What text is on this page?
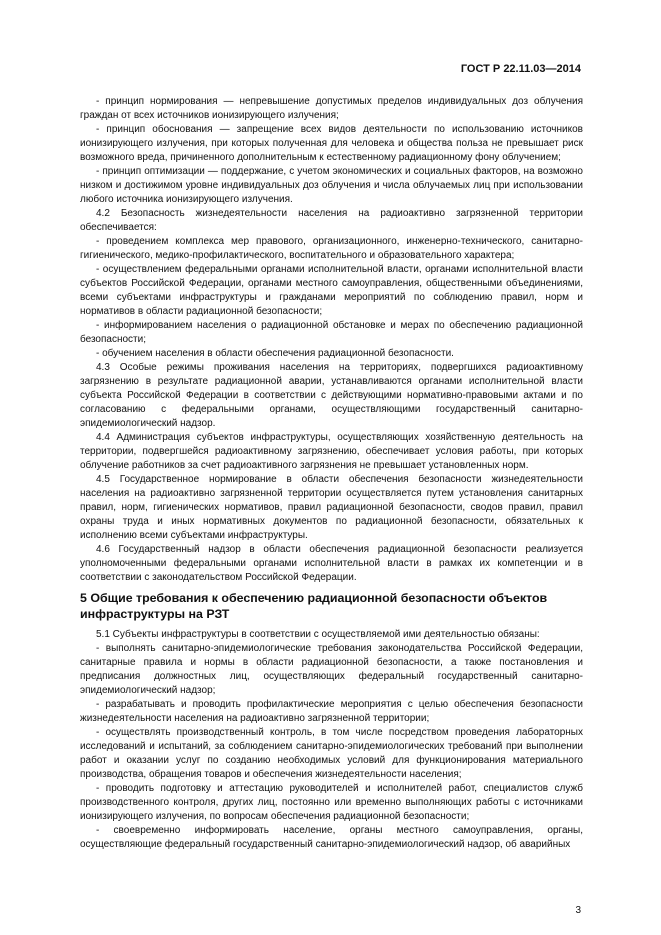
ГОСТ Р 22.11.03—2014

- принцип нормирования — непревышение допустимых пределов индивидуальных доз облучения граждан от всех источников ионизирующего излучения;

- принцип обоснования — запрещение всех видов деятельности по использованию источников ионизирующего излучения, при которых полученная для человека и общества польза не превышает риск возможного вреда, причиненного дополнительным к естественному радиационному фону облучением;

- принцип оптимизации — поддержание, с учетом экономических и социальных факторов, на возможно низком и достижимом уровне индивидуальных доз облучения и числа облучаемых лиц при использовании любого источника ионизирующего излучения.

4.2 Безопасность жизнедеятельности населения на радиоактивно загрязненной территории обеспечивается:

- проведением комплекса мер правового, организационного, инженерно-технического, санитарно-гигиенического, медико-профилактического, воспитательного и образовательного характера;

- осуществлением федеральными органами исполнительной власти, органами исполнительной власти субъектов Российской Федерации, органами местного самоуправления, общественными объединениями, всеми субъектами инфраструктуры и гражданами мероприятий по соблюдению правил, норм и нормативов в области радиационной безопасности;

- информированием населения о радиационной обстановке и мерах по обеспечению радиационной безопасности;

- обучением населения в области обеспечения радиационной безопасности.

4.3 Особые режимы проживания населения на территориях, подвергшихся радиоактивному загрязнению в результате радиационной аварии, устанавливаются органами исполнительной власти субъекта Российской Федерации в соответствии с действующими нормативно-правовыми актами и по согласованию с федеральными органами, осуществляющими государственный санитарно-эпидемиологический надзор.

4.4 Администрация субъектов инфраструктуры, осуществляющих хозяйственную деятельность на территории, подвергшейся радиоактивному загрязнению, обеспечивает условия работы, при которых облучение работников за счет радиоактивного загрязнения не превышает установленных норм.

4.5 Государственное нормирование в области обеспечения безопасности жизнедеятельности населения на радиоактивно загрязненной территории осуществляется путем установления санитарных правил, норм, гигиенических нормативов, правил радиационной безопасности, сводов правил, правил охраны труда и иных нормативных документов по радиационной безопасности, обязательных к исполнению всеми субъектами инфраструктуры.

4.6 Государственный надзор в области обеспечения радиационной безопасности реализуется уполномоченными федеральными органами исполнительной власти в рамках их компетенции и в соответствии с законодательством Российской Федерации.

5 Общие требования к обеспечению радиационной безопасности объектов инфраструктуры на РЗТ

5.1 Субъекты инфраструктуры в соответствии с осуществляемой ими деятельностью обязаны:

- выполнять санитарно-эпидемиологические требования законодательства Российской Федерации, санитарные правила и нормы в области радиационной безопасности, а также постановления и предписания должностных лиц, осуществляющих федеральный государственный санитарно-эпидемиологический надзор;

- разрабатывать и проводить профилактические мероприятия с целью обеспечения безопасности жизнедеятельности населения на радиоактивно загрязненной территории;

- осуществлять производственный контроль, в том числе посредством проведения лабораторных исследований и испытаний, за соблюдением санитарно-эпидемиологических требований при выполнении работ и оказании услуг по созданию необходимых условий для функционирования материального производства, обращения товаров и обеспечения жизнедеятельности населения;

- проводить подготовку и аттестацию руководителей и исполнителей работ, специалистов служб производственного контроля, других лиц, постоянно или временно выполняющих работы с источниками ионизирующего излучения, по вопросам обеспечения радиационной безопасности;

- своевременно информировать население, органы местного самоуправления, органы, осуществляющие федеральный государственный санитарно-эпидемиологический надзор, об аварийных

3
